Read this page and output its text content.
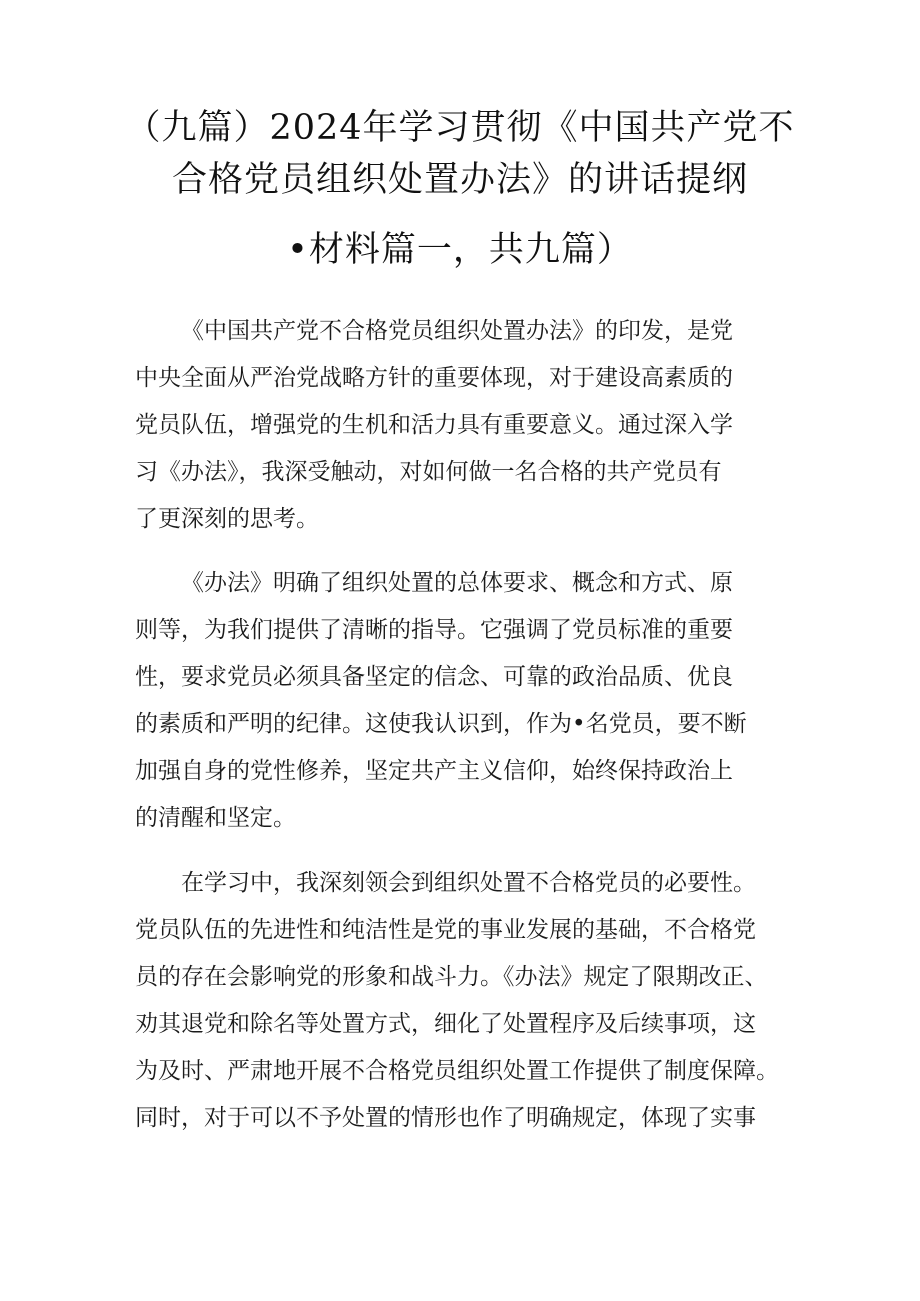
（九篇）2024年学习贯彻《中国共产党不
合格党员组织处置办法》的讲话提纲
•材料篇一，共九篇）
《中国共产党不合格党员组织处置办法》的印发，是党
中央全面从严治党战略方针的重要体现，对于建设高素质的
党员队伍，增强党的生机和活力具有重要意义。通过深入学
习《办法》，我深受触动，对如何做一名合格的共产党员有
了更深刻的思考。
《办法》明确了组织处置的总体要求、概念和方式、原
则等，为我们提供了清晰的指导。它强调了党员标准的重要
性，要求党员必须具备坚定的信念、可靠的政治品质、优良
的素质和严明的纪律。这使我认识到，作为•名党员，要不断
加强自身的党性修养，坚定共产主义信仰，始终保持政治上
的清醒和坚定。
在学习中，我深刻领会到组织处置不合格党员的必要性。
党员队伍的先进性和纯洁性是党的事业发展的基础，不合格党
员的存在会影响党的形象和战斗力。《办法》规定了限期改正、
劝其退党和除名等处置方式，细化了处置程序及后续事项，这
为及时、严肃地开展不合格党员组织处置工作提供了制度保障。
同时，对于可以不予处置的情形也作了明确规定，体现了实事
